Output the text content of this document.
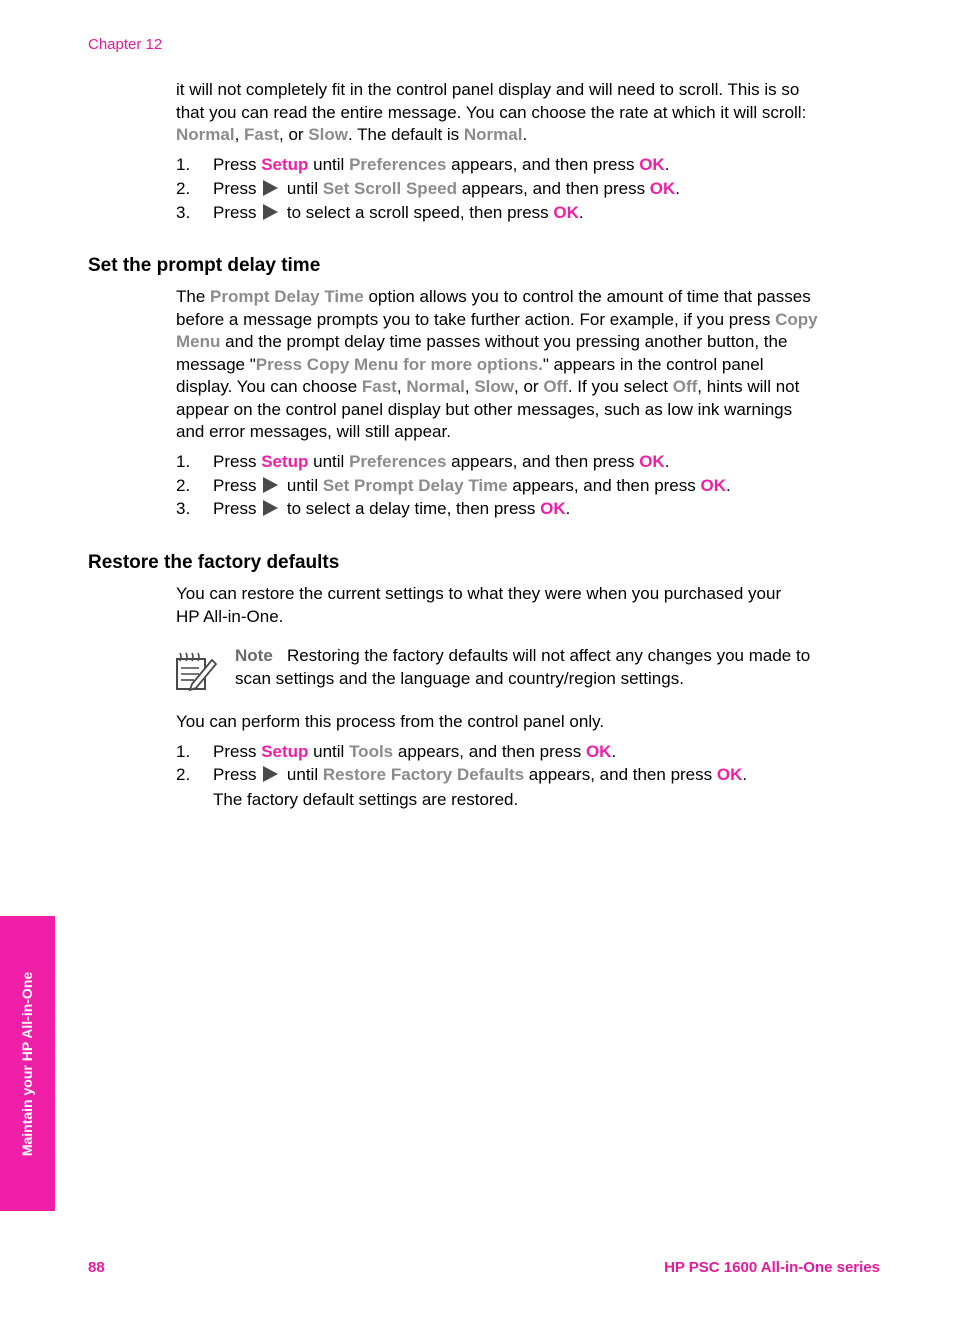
Chapter 12

it will not completely fit in the control panel display and will need to scroll. This is so

that you can read the entire message. You can choose the rate at which it will scroll:

Normal, Fast, or Slow. The default is Normal.

1. Press Setup until Preferences appears, and then press OK.
2. Press  until Set Scroll Speed appears, and then press OK.
3. Press  to select a scroll speed, then press OK.
Set the prompt delay time

The Prompt Delay Time option allows you to control the amount of time that passes

before a message prompts you to take further action. For example, if you press Copy

Menu and the prompt delay time passes without you pressing another button, the

message "Press Copy Menu for more options." appears in the control panel

display. You can choose Fast, Normal, Slow, or Off. If you select Off, hints will not

appear on the control panel display but other messages, such as low ink warnings

and error messages, will still appear.

1. Press Setup until Preferences appears, and then press OK.
2. Press  until Set Prompt Delay Time appears, and then press OK.
3. Press  to select a delay time, then press OK.
Restore the factory defaults

You can restore the current settings to what they were when you purchased your

HP All-in-One.

Note Restoring the factory defaults will not affect any changes you made to

scan settings and the language and country/region settings.

You can perform this process from the control panel only.

1. Press Setup until Tools appears, and then press OK.
2. Press  until Restore Factory Defaults appears, and then press OK.
The factory default settings are restored.
Maintain your HP All-in-One
88	HP PSC 1600 All-in-One series
